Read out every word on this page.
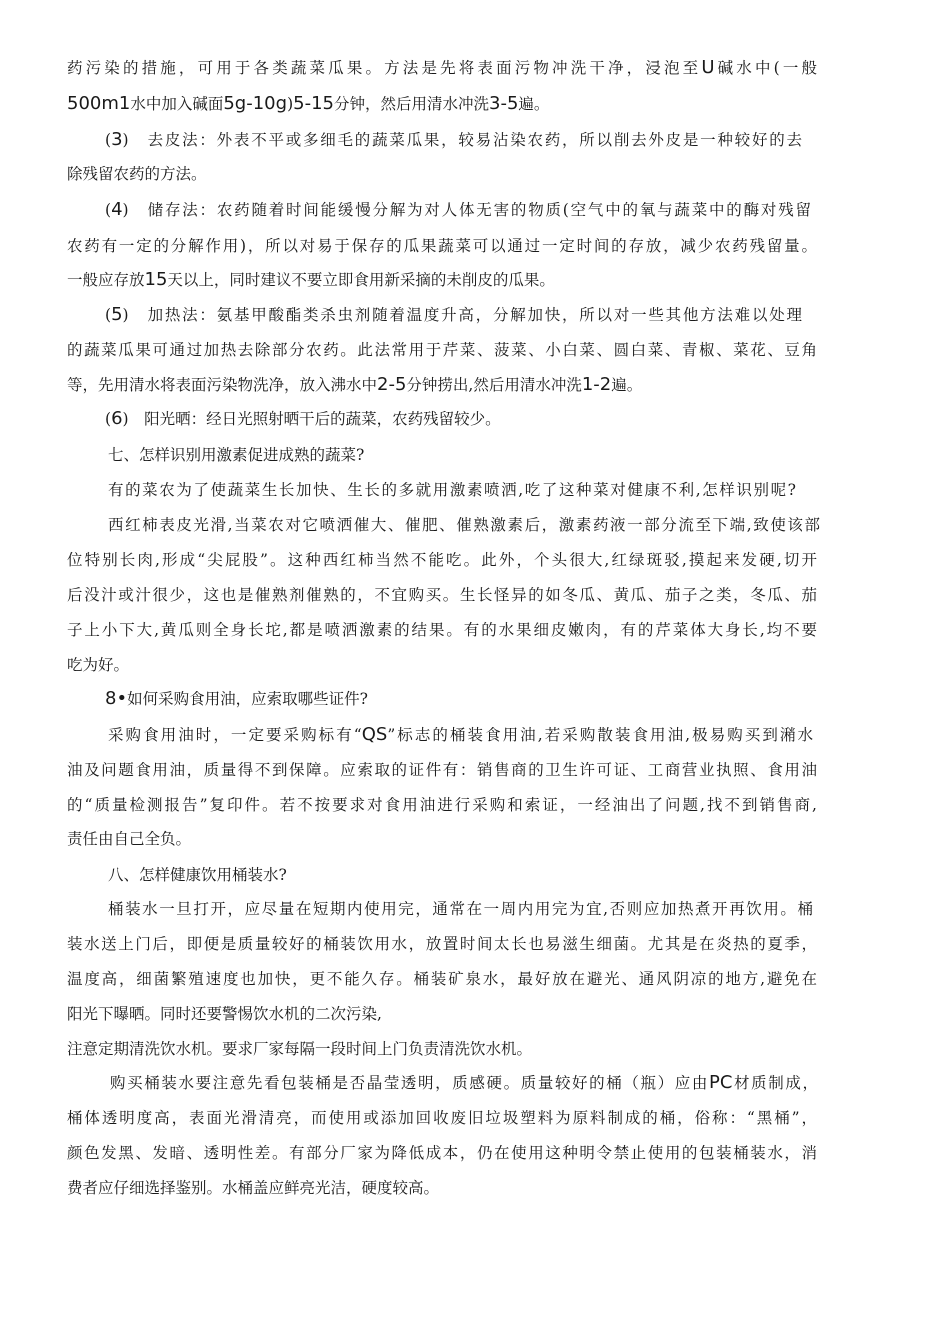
药污染的措施，可用于各类蔬菜瓜果。方法是先将表面污物冲洗干净，浸泡至U碱水中(一般
500m1水中加入碱面5g-10g)5-15分钟，然后用清水冲洗3-5遍。
(3)　去皮法：外表不平或多细毛的蔬菜瓜果，较易沾染农药，所以削去外皮是一种较好的去
除残留农药的方法。
(4)　储存法：农药随着时间能缓慢分解为对人体无害的物质(空气中的氧与蔬菜中的酶对残留
农药有一定的分解作用)，所以对易于保存的瓜果蔬菜可以通过一定时间的存放，减少农药残留量。
一般应存放15天以上，同时建议不要立即食用新采摘的未削皮的瓜果。
(5)　加热法：氨基甲酸酯类杀虫剂随着温度升高，分解加快，所以对一些其他方法难以处理
的蔬菜瓜果可通过加热去除部分农药。此法常用于芹菜、菠菜、小白菜、圆白菜、青椒、菜花、豆角
等，先用清水将表面污染物洗净，放入沸水中2-5分钟捞出,然后用清水冲洗1-2遍。
(6)　阳光晒：经日光照射晒干后的蔬菜，农药残留较少。
七、怎样识别用激素促进成熟的蔬菜?
有的菜农为了使蔬菜生长加快、生长的多就用激素喷洒,吃了这种菜对健康不利,怎样识别呢?
西红柿表皮光滑,当菜农对它喷洒催大、催肥、催熟激素后，激素药液一部分流至下端,致使该部
位特别长肉,形成“尖屁股”。这种西红柿当然不能吃。此外，个头很大,红绿斑驳,摸起来发硬,切开
后没汁或汁很少，这也是催熟剂催熟的，不宜购买。生长怪异的如冬瓜、黄瓜、茄子之类，冬瓜、茄
子上小下大,黄瓜则全身长坨,都是喷洒激素的结果。有的水果细皮嫩肉，有的芹菜体大身长,均不要
吃为好。
8•如何采购食用油，应索取哪些证件?
采购食用油时，一定要采购标有“QS”标志的桶装食用油,若采购散装食用油,极易购买到潲水
油及问题食用油，质量得不到保障。应索取的证件有：销售商的卫生许可证、工商营业执照、食用油
的“质量检测报告”复印件。若不按要求对食用油进行采购和索证，一经油出了问题,找不到销售商,
责任由自己全负。
八、怎样健康饮用桶装水?
桶装水一旦打开，应尽量在短期内使用完，通常在一周内用完为宜,否则应加热煮开再饮用。桶
装水送上门后，即便是质量较好的桶装饮用水，放置时间太长也易滋生细菌。尤其是在炎热的夏季，
温度高，细菌繁殖速度也加快，更不能久存。桶装矿泉水，最好放在避光、通风阴凉的地方,避免在
阳光下曝晒。同时还要警惕饮水机的二次污染,
注意定期清洗饮水机。要求厂家每隔一段时间上门负责清洗饮水机。
购买桶装水要注意先看包装桶是否晶莹透明，质感硬。质量较好的桶（瓶）应由PC材质制成，
桶体透明度高，表面光滑清亮，而使用或添加回收废旧垃圾塑料为原料制成的桶，俗称：“黑桶”，
颜色发黑、发暗、透明性差。有部分厂家为降低成本，仍在使用这种明令禁止使用的包装桶装水，消
费者应仔细选择鉴别。水桶盖应鲜亮光洁，硬度较高。
